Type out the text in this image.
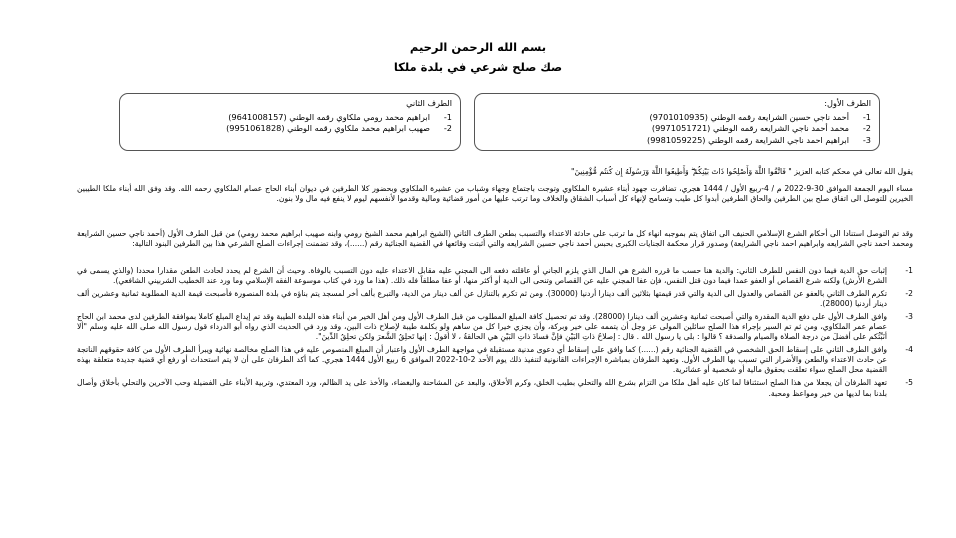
بسم الله الرحمن الرحيم
صك صلح شرعي في بلدة ملكا
الطرف الأول:
1-
أحمد ناجي حسين الشرايعة رقمه الوطني (9701010935)
2-
محمد أحمد ناجي الشرايعه رقمه الوطني (9971051721)
3-
ابراهيم احمد ناجي الشرايعة رقمه الوطني (9981059225)
الطرف الثاني
1-
ابراهيم محمد رومي ملكاوي رقمه الوطني (9641008157)
2-
صهيب ابراهيم محمد ملكاوي رقمه الوطني (9951061828)

يقول الله تعالى في محكم كتابه العزيز " فَاتَّقُوا اللَّهَ وَأَصْلِحُوا ذَاتَ بَيْنِكُمْ ۖ وَأَطِيعُوا اللَّهَ وَرَسُولَهُ إِن كُنتُم مُّؤْمِنِينَ"

مساء اليوم الجمعة الموافق 30-9-2022 م / 4-ربيع الأول / 1444 هجري، تضافرت جهود أبناء عشيرة الملكاوي وتوجت باجتماع وجهاء وشباب من عشيرة الملكاوي وبحضور كلا الطرفين في ديوان أبناء الحاج عصام الملكاوي رحمه الله. وقد وفق الله أبناء ملكا الطيبين الخيرين للتوصل الى اتفاق صلح بين الطرفين والحاق الطرفين أبدوا كل طيب وتسامح لإنهاء كل أسباب الشقاق والخلاف وما ترتب عليها من أمور قضائية ومالية وقدموا لأنفسهم ليوم لا ينفع فيه مال ولا بنون.

وقد تم التوصل استنادا الى أحكام الشرع الإسلامي الحنيف الى اتفاق يتم بموجبه انهاء كل ما ترتب على حادثة الاعتداء والتسبب بطعن الطرف الثاني (الشيخ ابراهيم محمد الشيخ رومي وابنه صهيب ابراهيم محمد رومي) من قبل الطرف الأول (أحمد ناجي حسين الشرايعة ومحمد احمد ناجي الشرايعه وابراهيم احمد ناجي الشرايعة) وصدور قرار محكمة الجنايات الكبرى بحبس أحمد ناجي حسين الشرايعه والتي أثبتت وقائعها في القضية الجنائية رقم (......)، وقد تضمنت إجراءات الصلح الشرعي هذا بين الطرفين البنود التالية:

1-
إثبات حق الدية فيما دون النفس للطرف الثاني: والدية هنا حسب ما قرره الشرع هي المال الذي يلزم الجاني أو عاقلته دفعه الى المجني عليه مقابل الاعتداء عليه دون التسبب بالوفاة. وحيث أن الشرع لم يحدد لحادث الطعن مقدارا محددا (والذي يسمى في الشرع الأرش) ولكنه شرع القصاص أو العفو عمدا فيما دون قتل النفس، فإن عفا المجني عليه عن القصاص وتنحى الى الدية أو أكثر منها، أو عفا مطلقاً فله ذلك. (هذا ما ورد في كتاب موسوعة الفقه الإسلامي وما ورد عند الخطيب الشربيني الشافعي).
2-
تكرم الطرف الثاني بالعفو عن القصاص والعدول الى الدية والتي قدر قيمتها بثلاثين ألف دينارا أردنيا (30000). ومن ثم تكرم بالتنازل عن ألف دينار من الدية، والتبرع بألف أخر لمسجد يتم بناؤه في بلدة المنصورة فأصبحت قيمة الدية المطلوبة ثمانية وعشرين ألف دينار أردنيا (28000).
3-
وافق الطرف الأول على دفع الدية المقدرة والتي أصبحت ثمانية وعشرين ألف دينارا (28000). وقد تم تحصيل كافة المبلغ المطلوب من قبل الطرف الأول ومن أهل الخير من أبناء هذه البلدة الطيبة وقد تم إيداع المبلغ كاملا بموافقة الطرفين لدى محمد ابن الحاج عصام عمر الملكاوي، ومن ثم تم السير بإجراء هذا الصلح سائلين المولى عز وجل أن يتممه على خير وبركة، وأن يجزي خيرا كل من ساهم ولو بكلمة طيبة لإصلاح ذات البين، وقد ورد في الحديث الذي رواه أبو الدرداء قول رسول الله صلى الله عليه وسلم "ألا أنَبِّئُكم على أفضلَ من درجة الصلاة والصيام والصدقة ؟ قالوا : بلى يا رسول الله . قال : إصلاحُ ذاتِ البَيْنِ فإنَّ فسادَ ذاتِ البَيْنِ هي الحالقةُ ، لا أقولُ : إنها تَحلِقُ الشَّعرَ ولكن تحلِقُ الدِّينَ".
4-
وافق الطرف الثاني على إسقاط الحق الشخصي في القضية الجنائية رقم (......) كما وافق على إسقاط أي دعوى مدنية مستقبلة في مواجهة الطرف الأول واعتبار أن المبلغ المنصوص عليه في هذا الصلح مخالصة نهائية ويبرأ الطرف الأول من كافة حقوقهم الناتجة عن حادث الاعتداء والطعن والأضرار التي تسبب بها الطرف الأول. وتعهد الطرفان بمباشرة الإجراءات القانونية لتنفيذ ذلك يوم الأحد 2-10-2022 الموافق 6 ربيع الأول 1444 هجري. كما أكد الطرفان على أن لا يتم استحداث أو رفع أي قضية جديدة متعلقة بهذه القضية محل الصلح سواء تعلقت بحقوق مالية أو شخصية أو عشائرية.
5-
تعهد الطرفان أن يجعلا من هذا الصلح استئنافا لما كان عليه أهل ملكا من التزام بشرع الله والتحلي بطيب الخلق، وكرم الأخلاق، والبعد عن المشاحنة والبغضاء، والأخذ على يد الظالم، ورد المعتدي، وتربية الأبناء على الفضيلة وحب الآخرين والتحلي بأخلاق وأصال بلدنا بما لديها من خير ومواعظ ومحبة.
